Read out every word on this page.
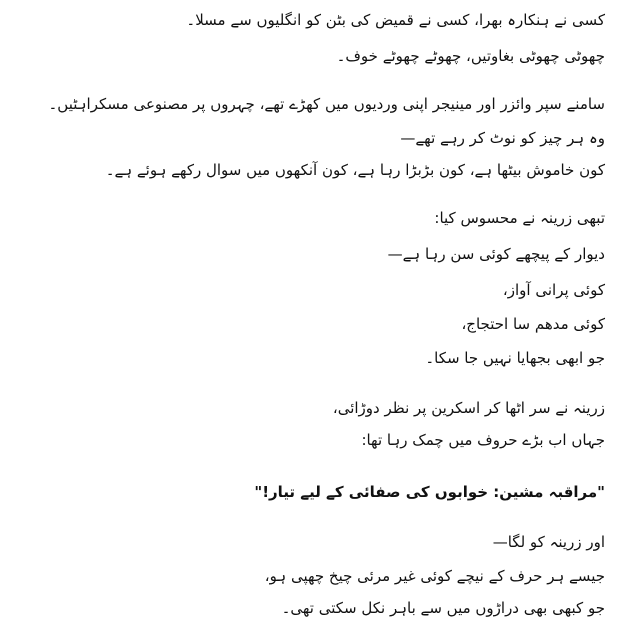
کسی نے ہنکارہ بھرا، کسی نے قمیض کی بٹن کو انگلیوں سے مسلا۔
چھوٹی چھوٹی بغاوتیں، چھوٹے چھوٹے خوف۔
سامنے سپر وائزر اور مینیجر اپنی وردیوں میں کھڑے تھے، چہروں پر مصنوعی مسکراہٹیں۔
وہ ہر چیز کو نوٹ کر رہے تھے—
کون خاموش بیٹھا ہے، کون بڑبڑا رہا ہے، کون آنکھوں میں سوال رکھے ہوئے ہے۔
تبھی زرینہ نے محسوس کیا:
دیوار کے پیچھے کوئی سن رہا ہے—
کوئی پرانی آواز،
کوئی مدھم سا احتجاج،
جو ابھی بجھایا نہیں جا سکا۔
زرینہ نے سر اٹھا کر اسکرین پر نظر دوڑائی،
جہاں اب بڑے حروف میں چمک رہا تھا:
"مراقبہ مشین: خوابوں کی صفائی کے لیے تیار!"
اور زرینہ کو لگا—
جیسے ہر حرف کے نیچے کوئی غیر مرئی چیخ چھپی ہو،
جو کبھی بھی دراڑوں میں سے باہر نکل سکتی تھی۔
